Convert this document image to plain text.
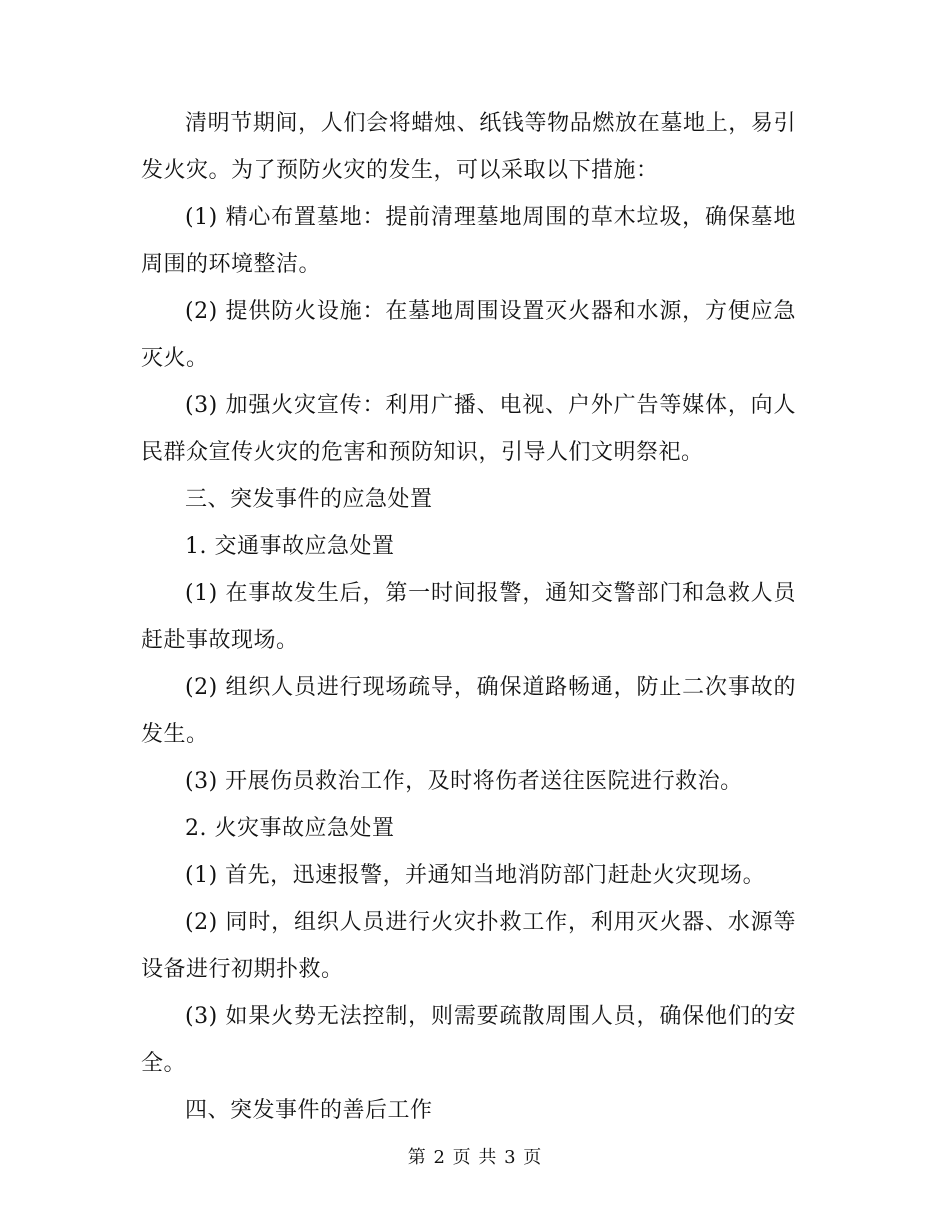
清明节期间，人们会将蜡烛、纸钱等物品燃放在墓地上，易引发火灾。为了预防火灾的发生，可以采取以下措施：

(1) 精心布置墓地：提前清理墓地周围的草木垃圾，确保墓地周围的环境整洁。

(2) 提供防火设施：在墓地周围设置灭火器和水源，方便应急灭火。

(3) 加强火灾宣传：利用广播、电视、户外广告等媒体，向人民群众宣传火灾的危害和预防知识，引导人们文明祭祀。

三、突发事件的应急处置

1. 交通事故应急处置

(1) 在事故发生后，第一时间报警，通知交警部门和急救人员赶赴事故现场。

(2) 组织人员进行现场疏导，确保道路畅通，防止二次事故的发生。

(3) 开展伤员救治工作，及时将伤者送往医院进行救治。

2. 火灾事故应急处置

(1) 首先，迅速报警，并通知当地消防部门赶赴火灾现场。

(2) 同时，组织人员进行火灾扑救工作，利用灭火器、水源等设备进行初期扑救。

(3) 如果火势无法控制，则需要疏散周围人员，确保他们的安全。

四、突发事件的善后工作

第 2 页 共 3 页
